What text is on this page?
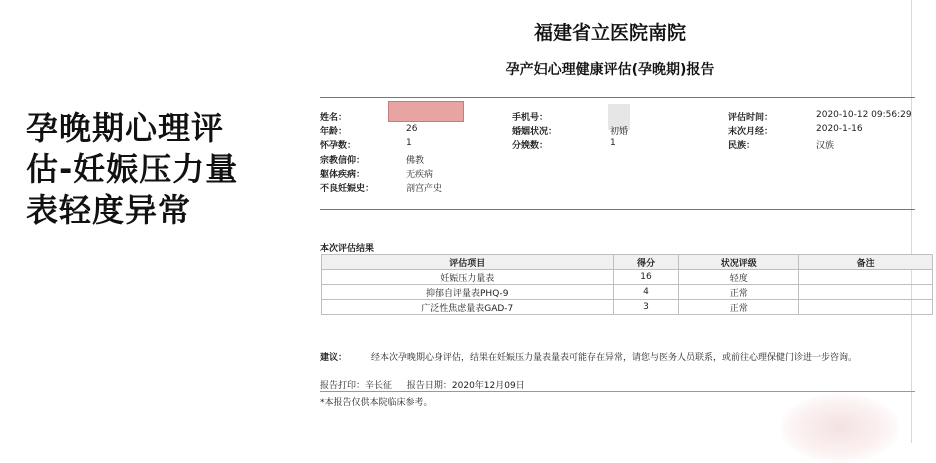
孕晚期心理评估-妊娠压力量表轻度异常
福建省立医院南院
孕产妇心理健康评估(孕晚期)报告
姓名：
年龄：	26
怀孕数：	1
宗教信仰：	佛教
躯体疾病：	无疾病
不良妊娠史：	剖宫产史
手机号：
婚姻状况：	初婚
分娩数：	1
评估时间：	2020-10-12 09:56:29
末次月经：	2020-1-16
民族：	汉族
本次评估结果
评估项目	得分	状况评级	备注
妊娠压力量表	16	轻度	
抑郁自评量表PHQ-9	4	正常	
广泛性焦虑量表GAD-7	3	正常	
建议：	经本次孕晚期心身评估，结果在妊娠压力量表量表可能存在异常，请您与医务人员联系，或前往心理保健门诊进一步咨询。
报告打印：辛长征 报告日期：2020年12月09日
*本报告仅供本院临床参考。
